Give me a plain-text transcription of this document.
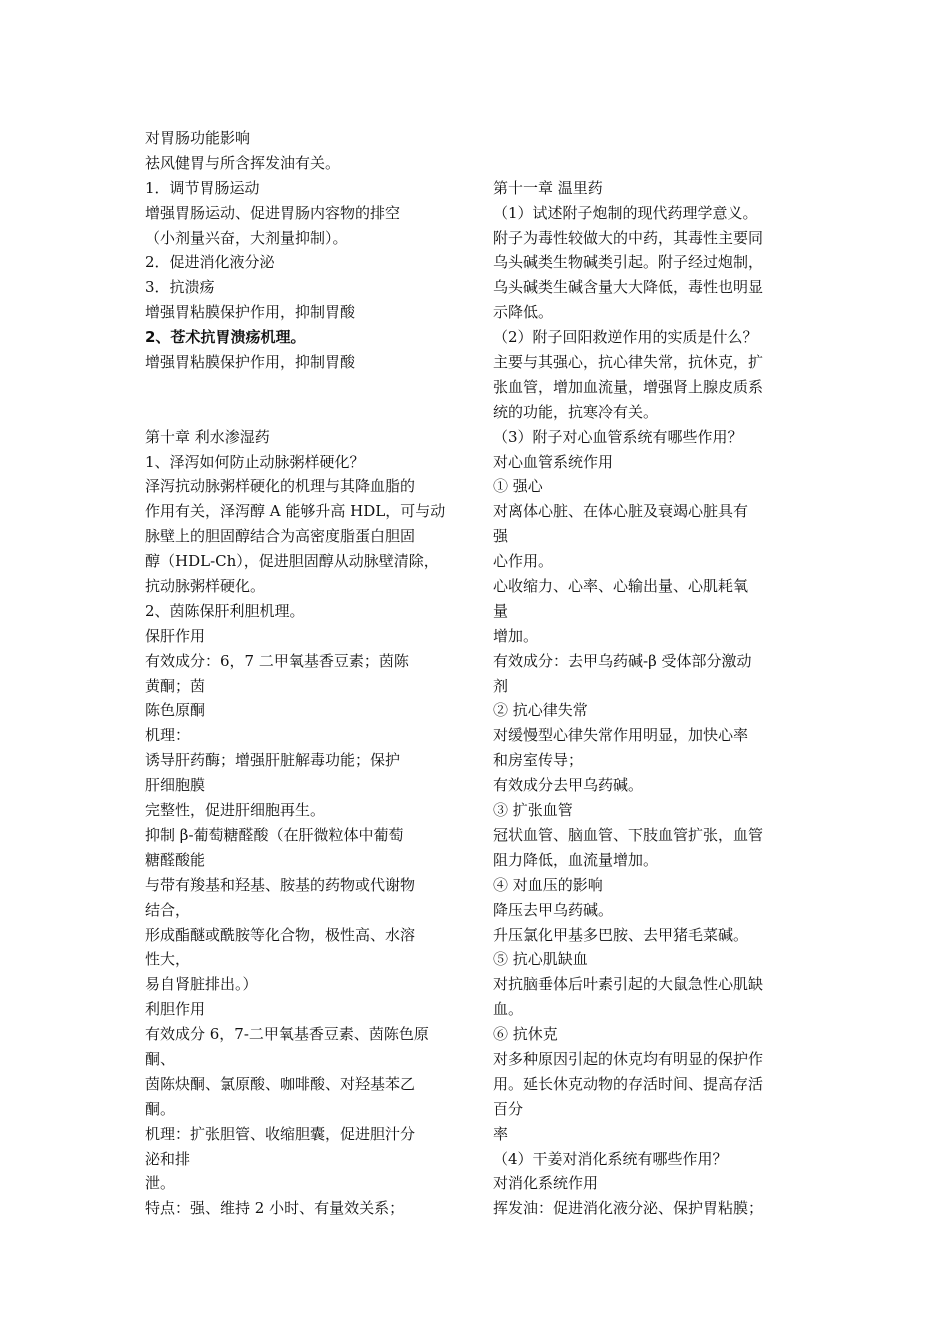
对胃肠功能影响
祛风健胃与所含挥发油有关。
1．调节胃肠运动
增强胃肠运动、促进胃肠内容物的排空
（小剂量兴奋，大剂量抑制）。
2．促进消化液分泌
3．抗溃疡
增强胃粘膜保护作用，抑制胃酸
2、苍术抗胃溃疡机理。
增强胃粘膜保护作用，抑制胃酸
第十章 利水渗湿药
1、泽泻如何防止动脉粥样硬化？
泽泻抗动脉粥样硬化的机理与其降血脂的
作用有关，泽泻醇 A 能够升高 HDL，可与动
脉壁上的胆固醇结合为高密度脂蛋白胆固
醇（HDL-Ch），促进胆固醇从动脉壁清除，
抗动脉粥样硬化。
2、茵陈保肝利胆机理。
保肝作用
有效成分：6，7 二甲氧基香豆素；茵陈
黄酮；茵
陈色原酮
机理：
诱导肝药酶；增强肝脏解毒功能；保护
肝细胞膜
完整性，促进肝细胞再生。
抑制 β-葡萄糖醛酸（在肝微粒体中葡萄
糖醛酸能
与带有羧基和羟基、胺基的药物或代谢物
结合，
形成酯醚或酰胺等化合物，极性高、水溶
性大，
易自肾脏排出。）
利胆作用
有效成分 6，7-二甲氧基香豆素、茵陈色原
酮、
茵陈炔酮、氯原酸、咖啡酸、对羟基苯乙
酮。
机理：扩张胆管、收缩胆囊，促进胆汁分
泌和排
泄。
特点：强、维持 2 小时、有量效关系；
第十一章 温里药
（1）试述附子炮制的现代药理学意义。
附子为毒性较做大的中药，其毒性主要同
乌头碱类生物碱类引起。附子经过炮制，
乌头碱类生碱含量大大降低，毒性也明显
示降低。
（2）附子回阳救逆作用的实质是什么？
主要与其强心，抗心律失常，抗休克，扩
张血管，增加血流量，增强肾上腺皮质系
统的功能，抗寒冷有关。
（3）附子对心血管系统有哪些作用？
对心血管系统作用
① 强心
对离体心脏、在体心脏及衰竭心脏具有
强
心作用。
心收缩力、心率、心输出量、心肌耗氧
量
增加。
有效成分：去甲乌药碱-β 受体部分激动
剂
② 抗心律失常
对缓慢型心律失常作用明显，加快心率
和房室传导；
有效成分去甲乌药碱。
③ 扩张血管
冠状血管、脑血管、下肢血管扩张，血管
阻力降低，血流量增加。
④ 对血压的影响
降压去甲乌药碱。
升压氯化甲基多巴胺、去甲猪毛菜碱。
⑤ 抗心肌缺血
对抗脑垂体后叶素引起的大鼠急性心肌缺
血。
⑥ 抗休克
对多种原因引起的休克均有明显的保护作
用。延长休克动物的存活时间、提高存活
百分
率
（4）干姜对消化系统有哪些作用？
对消化系统作用
挥发油：促进消化液分泌、保护胃粘膜；
